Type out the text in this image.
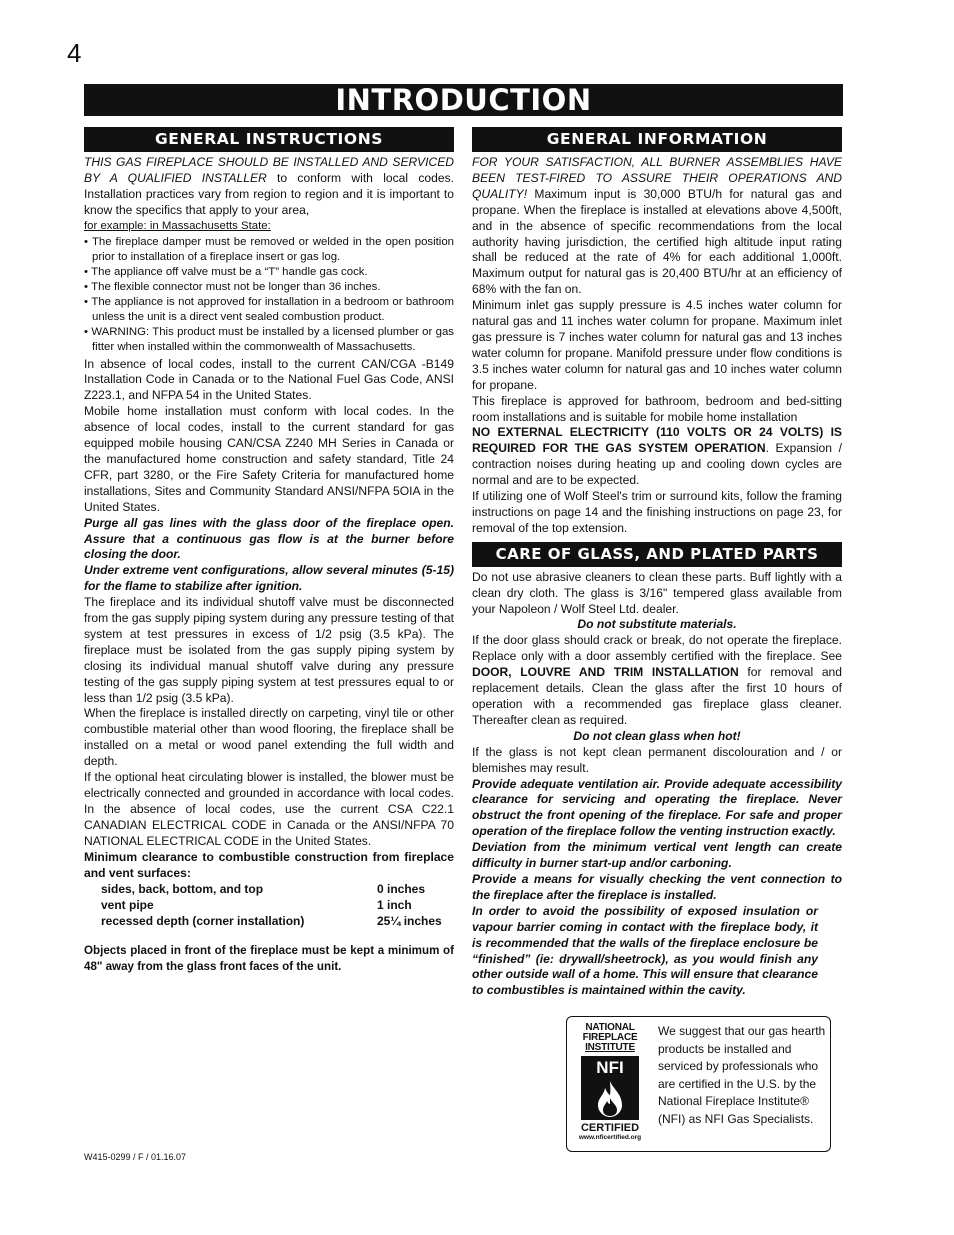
4
INTRODUCTION
GENERAL INSTRUCTIONS

THIS GAS FIREPLACE SHOULD BE INSTALLED AND SERVICED BY A QUALIFIED INSTALLER to conform with local codes. Installation practices vary from region to region and it is important to know the specifics that apply to your area,

for example: in Massachusetts State:
• The fireplace damper must be removed or welded in the open position prior to installation of a fireplace insert or gas log.
• The appliance off valve must be a “T” handle gas cock.
• The flexible connector must not be longer than 36 inches.
• The appliance is not approved for installation in a bedroom or bathroom unless the unit is a direct vent sealed combustion product.
• WARNING: This product must be installed by a licensed plumber or gas fitter when installed within the commonwealth of Massachusetts.

In absence of local codes, install to the current CAN/CGA -B149 Installation Code in Canada or to the National Fuel Gas Code, ANSI Z223.1, and NFPA 54 in the United States.

Mobile home installation must conform with local codes. In the absence of local codes, install to the current standard for gas equipped mobile housing CAN/CSA Z240 MH Series in Canada or the manufactured home construction and safety standard, Title 24 CFR, part 3280, or the Fire Safety Criteria for manufactured home installations, Sites and Community Standard ANSI/NFPA 5OIA in the United States.

Purge all gas lines with the glass door of the fireplace open. Assure that a continuous gas flow is at the burner before closing the door.

Under extreme vent configurations, allow several minutes (5-15) for the flame to stabilize after ignition.

The fireplace and its individual shutoff valve must be disconnected from the gas supply piping system during any pressure testing of that system at test pressures in excess of 1/2 psig (3.5 kPa). The fireplace must be isolated from the gas supply piping system by closing its individual manual shutoff valve during any pressure testing of the gas supply piping system at test pressures equal to or less than 1/2 psig (3.5 kPa).

When the fireplace is installed directly on carpeting, vinyl tile or other combustible material other than wood flooring, the fireplace shall be installed on a metal or wood panel extending the full width and depth.

If the optional heat circulating blower is installed, the blower must be electrically connected and grounded in accordance with local codes. In the absence of local codes, use the current CSA C22.1 CANADIAN ELECTRICAL CODE in Canada or the ANSI/NFPA 70 NATIONAL ELECTRICAL CODE in the United States.

Minimum clearance to combustible construction from fireplace and vent surfaces:

sides, back, bottom, and top	0 inches
vent pipe	1 inch
recessed depth (corner installation)	25¼ inches

Objects placed in front of the fireplace must be kept a minimum of 48" away from the glass front faces of the unit.

GENERAL INFORMATION

FOR YOUR SATISFACTION, ALL BURNER ASSEMBLIES HAVE BEEN TEST-FIRED TO ASSURE THEIR OPERATIONS AND QUALITY! Maximum input is 30,000 BTU/h for natural gas and propane. When the fireplace is installed at elevations above 4,500ft, and in the absence of specific recommendations from the local authority having jurisdiction, the certified high altitude input rating shall be reduced at the rate of 4% for each additional 1,000ft. Maximum output for natural gas is 20,400 BTU/hr at an efficiency of 68% with the fan on.

Minimum inlet gas supply pressure is 4.5 inches water column for natural gas and 11 inches water column for propane. Maximum inlet gas pressure is 7 inches water column for natural gas and 13 inches water column for propane. Manifold pressure under flow conditions is 3.5 inches water column for natural gas and 10 inches water column for propane.

This fireplace is approved for bathroom, bedroom and bed-sitting room installations and is suitable for mobile home installation

NO EXTERNAL ELECTRICITY (110 VOLTS OR 24 VOLTS) IS REQUIRED FOR THE GAS SYSTEM OPERATION. Expansion / contraction noises during heating up and cooling down cycles are normal and are to be expected.

If utilizing one of Wolf Steel's trim or surround kits, follow the framing instructions on page 14 and the finishing instructions on page 23, for removal of the top extension.

CARE OF GLASS, AND PLATED PARTS

Do not use abrasive cleaners to clean these parts. Buff lightly with a clean dry cloth. The glass is 3/16" tempered glass available from your Napoleon / Wolf Steel Ltd. dealer.

Do not substitute materials.

If the door glass should crack or break, do not operate the fireplace. Replace only with a door assembly certified with the fireplace. See DOOR, LOUVRE AND TRIM INSTALLATION for removal and replacement details. Clean the glass after the first 10 hours of operation with a recommended gas fireplace glass cleaner. Thereafter clean as required.

Do not clean glass when hot!

If the glass is not kept clean permanent discolouration and / or blemishes may result.

Provide adequate ventilation air. Provide adequate accessibility clearance for servicing and operating the fireplace. Never obstruct the front opening of the fireplace. For safe and proper operation of the fireplace follow the venting instruction exactly.

Deviation from the minimum vertical vent length can create difficulty in burner start-up and/or carboning.

Provide a means for visually checking the vent connection to the fireplace after the fireplace is installed.

In order to avoid the possibility of exposed insulation or vapour barrier coming in contact with the fireplace body, it is recommended that the walls of the fireplace enclosure be “finished” (ie: drywall/sheetrock), as you would finish any other outside wall of a home. This will ensure that clearance to combustibles is maintained within the cavity.

NATIONAL
FIREPLACE
INSTITUTE
NFI
CERTIFIED
www.nficertified.org
We suggest that our gas hearth products be installed and serviced by professionals who are certified in the U.S. by the National Fireplace Institute® (NFI) as NFI Gas Specialists.
W415-0299 / F / 01.16.07
